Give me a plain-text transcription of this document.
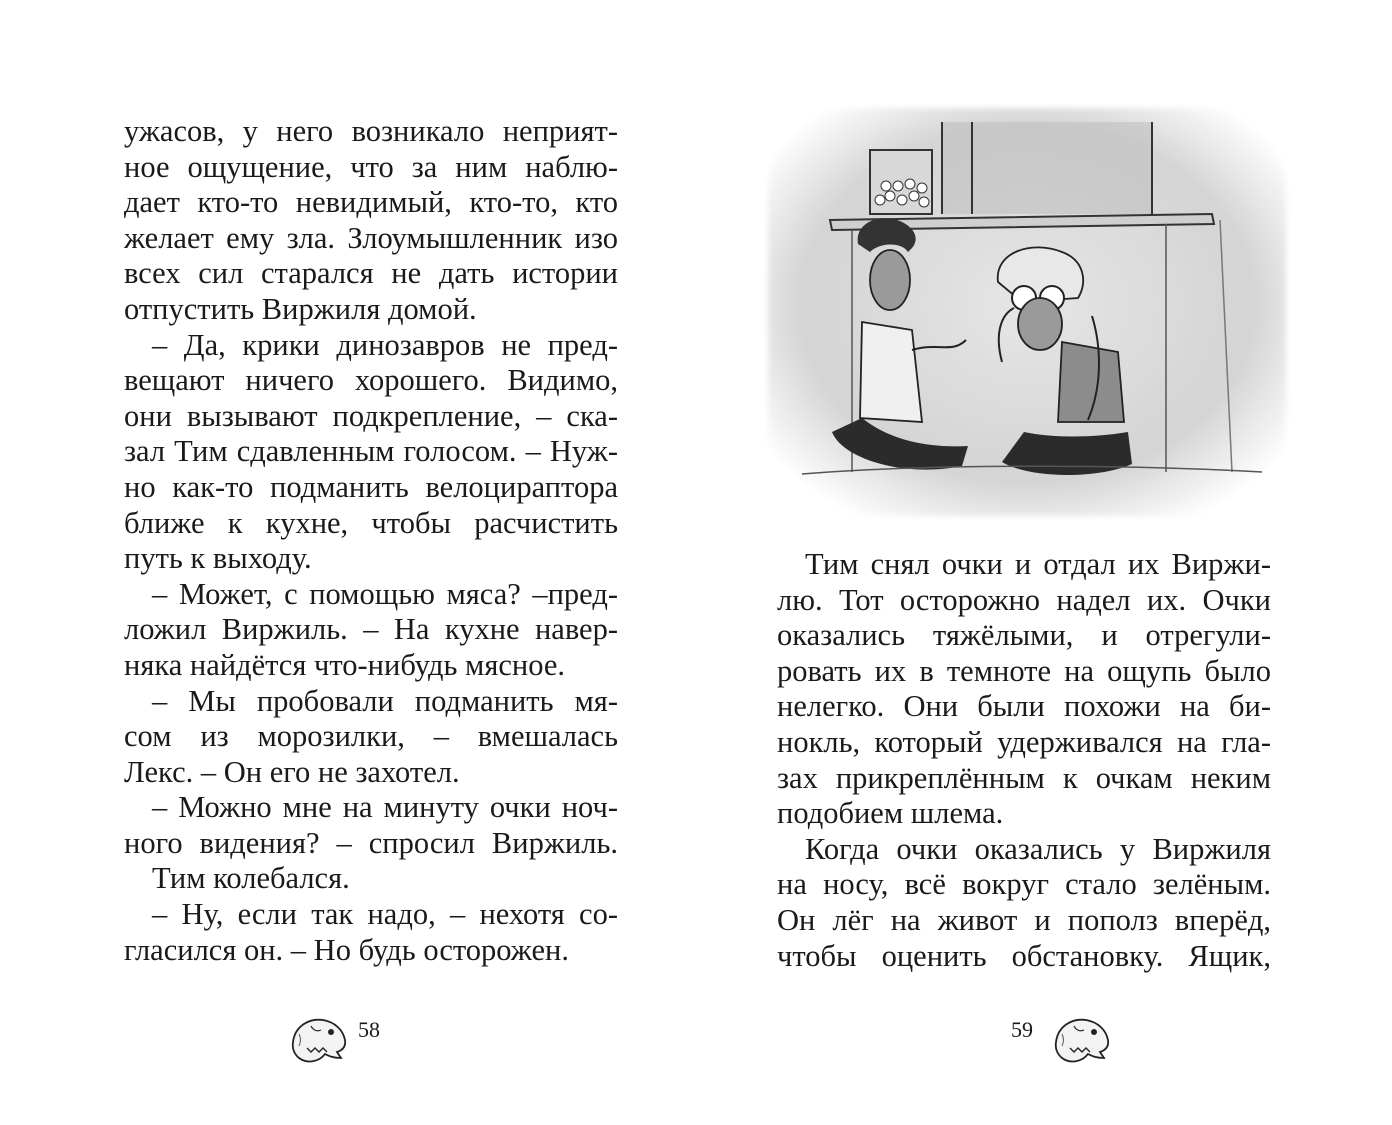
ужасов, у него возникало неприят-
ное ощущение, что за ним наблю-
дает кто-то невидимый, кто-то, кто
желает ему зла. Злоумышленник изо
всех сил старался не дать истории
отпустить Виржиля домой.
– Да, крики динозавров не пред-
вещают ничего хорошего. Видимо,
они вызывают подкрепление, – ска-
зал Тим сдавленным голосом. – Нуж-
но как-то подманить велоцираптора
ближе к кухне, чтобы расчистить
путь к выходу.
– Может, с помощью мяса? –пред-
ложил Виржиль. – На кухне навер-
няка найдётся что-нибудь мясное.
– Мы пробовали подманить мя-
сом из морозилки, – вмешалась
Лекс. – Он его не захотел.
– Можно мне на минуту очки ноч-
ного видения? – спросил Виржиль.
Тим колебался.
– Ну, если так надо, – нехотя со-
гласился он. – Но будь осторожен.
58
Тим снял очки и отдал их Виржи-
лю. Тот осторожно надел их. Очки
оказались тяжёлыми, и отрегули-
ровать их в темноте на ощупь было
нелегко. Они были похожи на би-
нокль, который удерживался на гла-
зах прикреплённым к очкам неким
подобием шлема.
Когда очки оказались у Виржиля
на носу, всё вокруг стало зелёным.
Он лёг на живот и пополз вперёд,
чтобы оценить обстановку. Ящик,
59
